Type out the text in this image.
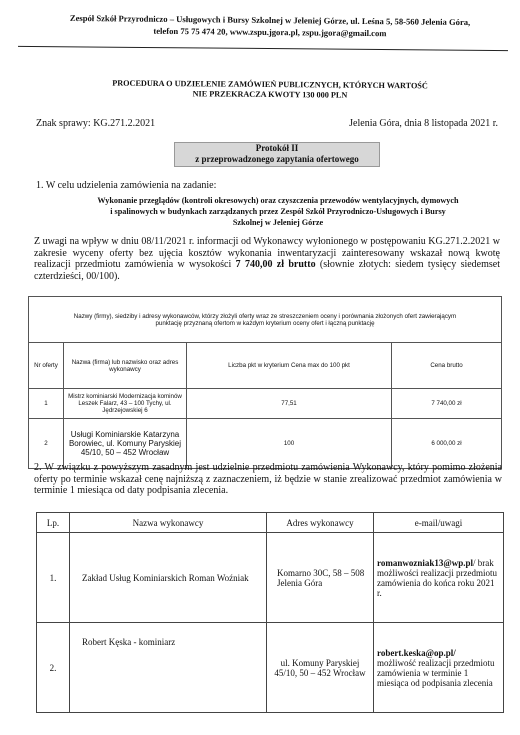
Zespół Szkół Przyrodniczo – Usługowych i Bursy Szkolnej w Jeleniej Górze, ul. Leśna 5, 58-560 Jelenia Góra,
telefon 75 75 474 20, www.zspu.jgora.pl, zspu.jgora@gmail.com
PROCEDURA O UDZIELENIE ZAMÓWIEŃ PUBLICZNYCH, KTÓRYCH WARTOŚĆ
NIE PRZEKRACZA KWOTY 130 000 PLN
Znak sprawy: KG.271.2.2021	Jelenia Góra, dnia 8 listopada 2021 r.
Protokół II
z przeprowadzonego zapytania ofertowego
1. W celu udzielenia zamówienia na zadanie:
Wykonanie przeglądów (kontroli okresowych) oraz czyszczenia przewodów wentylacyjnych, dymowych
i spalinowych w budynkach zarządzanych przez Zespół Szkół Przyrodniczo-Usługowych i Bursy
Szkolnej w Jeleniej Górze
Z uwagi na wpływ w dniu 08/11/2021 r. informacji od Wykonawcy wyłonionego w postępowaniu KG.271.2.2021 w zakresie wyceny oferty bez ujęcia kosztów wykonania inwentaryzacji zainteresowany wskazał nową kwotę realizacji przedmiotu zamówienia w wysokości 7 740,00 zł brutto (słownie złotych: siedem tysięcy siedemset czterdzieści, 00/100).
Nazwy (firmy), siedziby i adresy wykonawców, którzy złożyli oferty wraz ze streszczeniem oceny i porównania złożonych ofert zawierającym punktację przyznaną ofertom w każdym kryterium oceny ofert i łączną punktację			
Nr oferty	Nazwa (firma) lub nazwisko oraz adres wykonawcy	Liczba pkt w kryterium Cena max do 100 pkt	Cena brutto
1	Mistrz kominiarski Modernizacja kominów Leszek Falarz, 43 – 100 Tychy, ul. Jędrzejowskiej 6	77,51	7 740,00 zł
2	Usługi Kominiarskie Katarzyna Borowiec, ul. Komuny Paryskiej 45/10, 50 – 452 Wrocław	100	6 000,00 zł
2. W związku z powyższym zasadnym jest udzielnie przedmiotu zamówienia Wykonawcy, który pomimo złożenia oferty po terminie wskazał cenę najniższą z zaznaczeniem, iż będzie w stanie zrealizować przedmiot zamówienia w terminie 1 miesiąca od daty podpisania zlecenia.
Lp.	Nazwa wykonawcy	Adres wykonawcy	e-mail/uwagi
1.	Zakład Usług Kominiarskich Roman Woźniak	Komarno 30C, 58 – 508 Jelenia Góra	romanwozniak13@wp.pl/ brak możliwości realizacji przedmiotu zamówienia do końca roku 2021 r.
2.	Robert Kęska - kominiarz	ul. Komuny Paryskiej 45/10, 50 – 452 Wrocław	robert.keska@op.pl/
możliwość realizacji przedmiotu zamówienia w terminie 1 miesiąca od podpisania zlecenia
